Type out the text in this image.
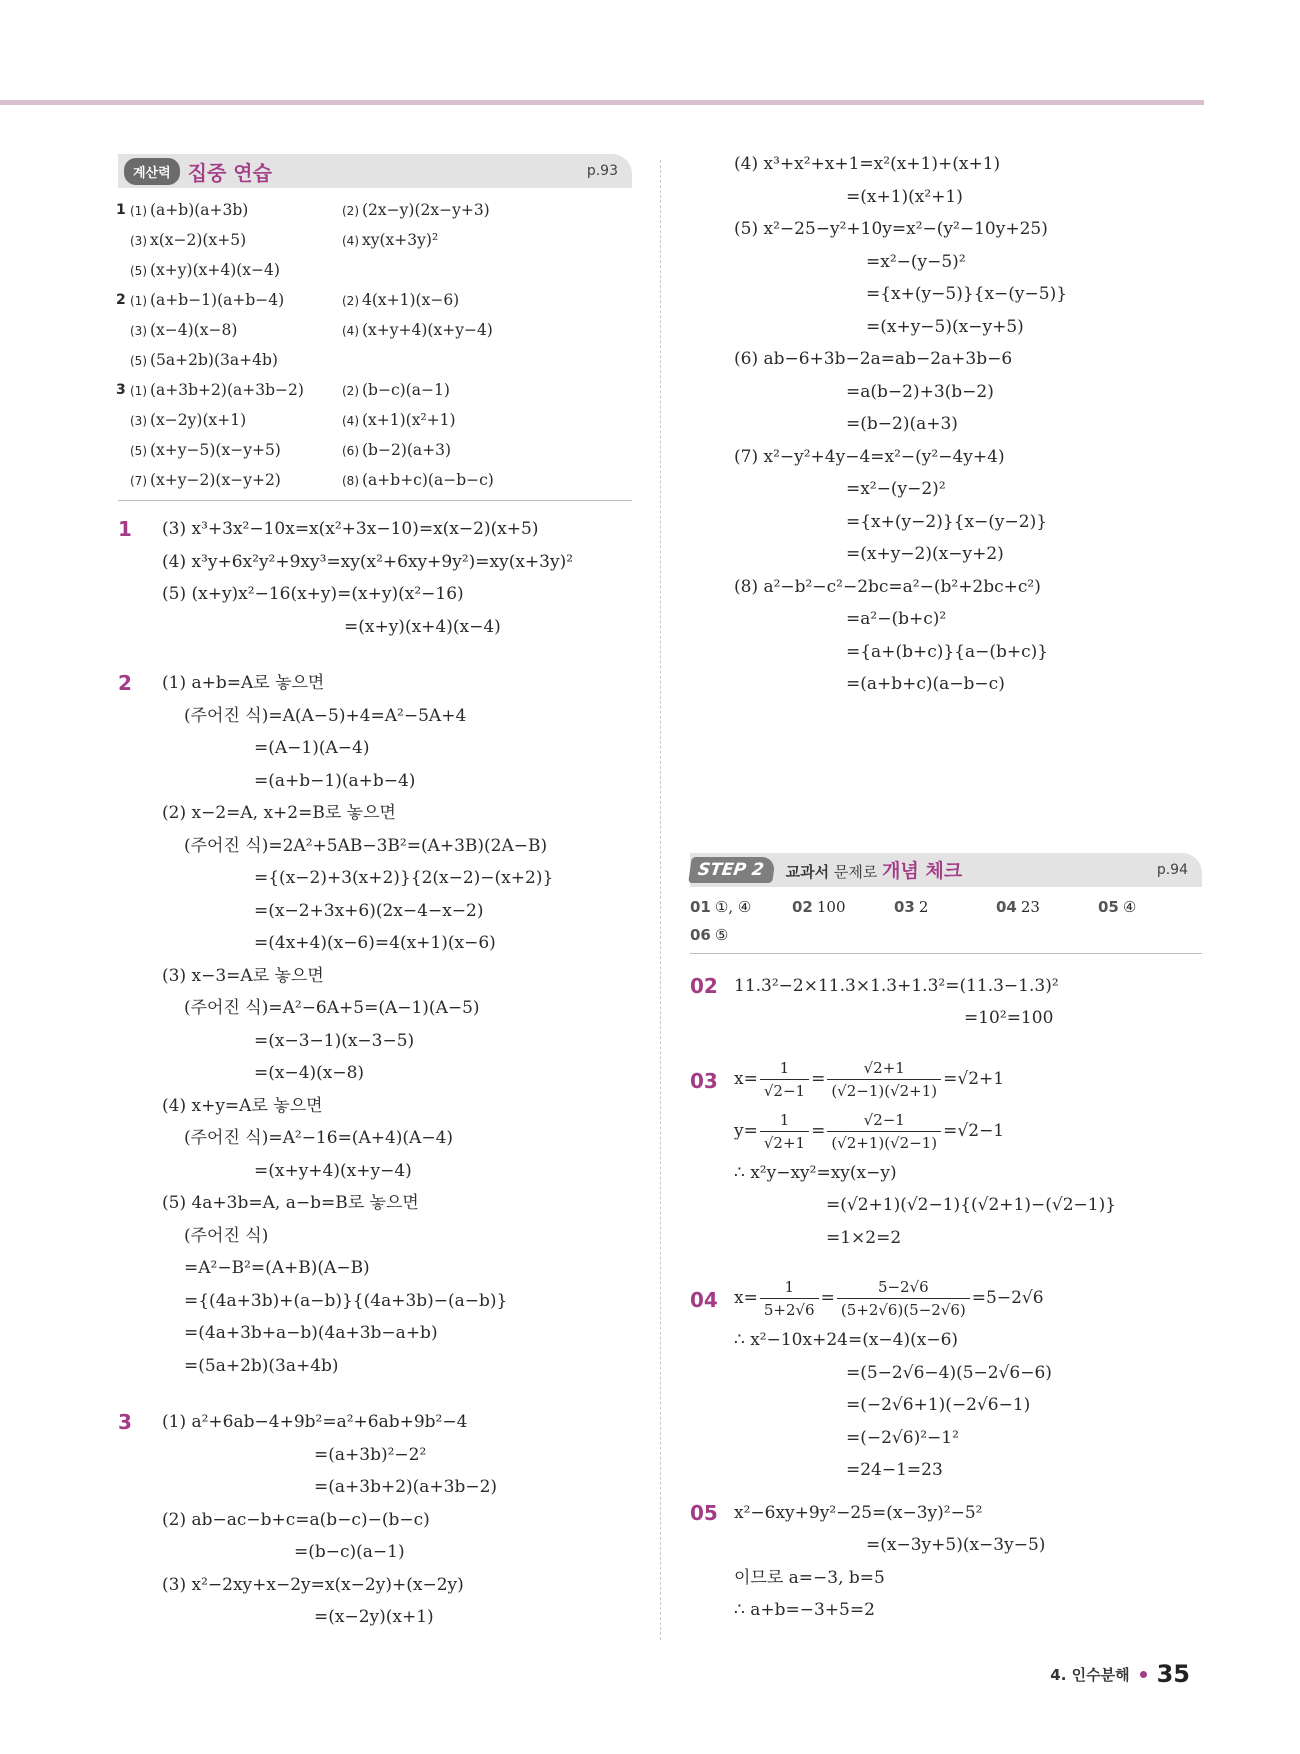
계산력 집중 연습	p.93
1 (1) (a+b)(a+3b)	(2) (2x−y)(2x−y+3)
(3) x(x−2)(x+5)	(4) xy(x+3y)²
(5) (x+y)(x+4)(x−4)
2 (1) (a+b−1)(a+b−4)	(2) 4(x+1)(x−6)
(3) (x−4)(x−8)	(4) (x+y+4)(x+y−4)
(5) (5a+2b)(3a+4b)
3 (1) (a+3b+2)(a+3b−2)	(2) (b−c)(a−1)
(3) (x−2y)(x+1)	(4) (x+1)(x²+1)
(5) (x+y−5)(x−y+5)	(6) (b−2)(a+3)
(7) (x+y−2)(x−y+2)	(8) (a+b+c)(a−b−c)
1 (3) x³+3x²−10x=x(x²+3x−10)=x(x−2)(x+5)
(4) x³y+6x²y²+9xy³=xy(x²+6xy+9y²)=xy(x+3y)²
(5) (x+y)x²−16(x+y)=(x+y)(x²−16)
=(x+y)(x+4)(x−4)
2 (1) a+b=A로 놓으면
(주어진 식)=A(A−5)+4=A²−5A+4
=(A−1)(A−4)
=(a+b−1)(a+b−4)
(2) x−2=A, x+2=B로 놓으면
(주어진 식)=2A²+5AB−3B²=(A+3B)(2A−B)
={(x−2)+3(x+2)}{2(x−2)−(x+2)}
=(x−2+3x+6)(2x−4−x−2)
=(4x+4)(x−6)=4(x+1)(x−6)
(3) x−3=A로 놓으면
(주어진 식)=A²−6A+5=(A−1)(A−5)
=(x−3−1)(x−3−5)
=(x−4)(x−8)
(4) x+y=A로 놓으면
(주어진 식)=A²−16=(A+4)(A−4)
=(x+y+4)(x+y−4)
(5) 4a+3b=A, a−b=B로 놓으면
(주어진 식)
=A²−B²=(A+B)(A−B)
={(4a+3b)+(a−b)}{(4a+3b)−(a−b)}
=(4a+3b+a−b)(4a+3b−a+b)
=(5a+2b)(3a+4b)
3 (1) a²+6ab−4+9b²=a²+6ab+9b²−4
=(a+3b)²−2²
=(a+3b+2)(a+3b−2)
(2) ab−ac−b+c=a(b−c)−(b−c)
=(b−c)(a−1)
(3) x²−2xy+x−2y=x(x−2y)+(x−2y)
=(x−2y)(x+1)
(4) x³+x²+x+1=x²(x+1)+(x+1)
=(x+1)(x²+1)
(5) x²−25−y²+10y=x²−(y²−10y+25)
=x²−(y−5)²
={x+(y−5)}{x−(y−5)}
=(x+y−5)(x−y+5)
(6) ab−6+3b−2a=ab−2a+3b−6
=a(b−2)+3(b−2)
=(b−2)(a+3)
(7) x²−y²+4y−4=x²−(y²−4y+4)
=x²−(y−2)²
={x+(y−2)}{x−(y−2)}
=(x+y−2)(x−y+2)
(8) a²−b²−c²−2bc=a²−(b²+2bc+c²)
=a²−(b+c)²
={a+(b+c)}{a−(b+c)}
=(a+b+c)(a−b−c)
STEP 2	교과서 문제로 개념 체크	p.94
01 ①, ④	02 100	03 2	04 23	05 ④
06 ⑤
02 11.3²−2×11.3×1.3+1.3²=(11.3−1.3)²
=10²=100
03 $x= \frac{1}{√2-1} = \frac{√2+1}{(√2-1)(√2+1)} =√2+1$
$y= \frac{1}{√2+1} = \frac{√2-1}{(√2+1)(√2-1)} =√2-1$
∴ x²y−xy²=xy(x−y)
=(√2+1)(√2−1){(√2+1)−(√2−1)}
=1×2=2
04 $x= \frac{1}{5+2√6} = \frac{5-2√6}{(5+2√6)(5-2√6)} =5-2√6$
∴ x²−10x+24=(x−4)(x−6)
=(5−2√6−4)(5−2√6−6)
=(−2√6+1)(−2√6−1)
=(−2√6)²−1²
=24−1=23
05 x²−6xy+9y²−25=(x−3y)²−5²
=(x−3y+5)(x−3y−5)
이므로 a=−3, b=5
∴ a+b=−3+5=2
4. 인수분해 35
